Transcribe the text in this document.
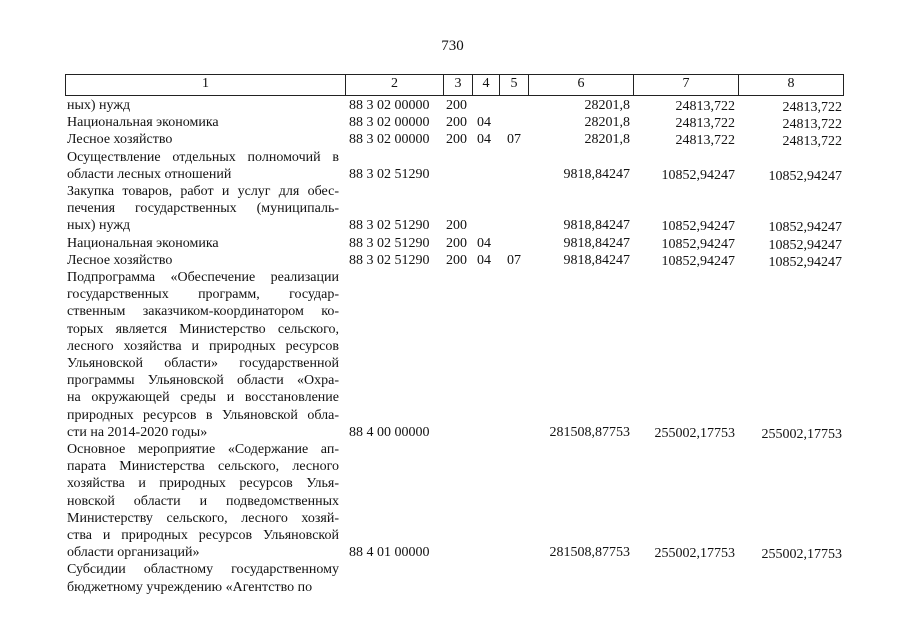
730
1	2	3	4	5	6	7	8
ных) нужд	88 3 02 00000 200	28201,8	24813,722	24813,722
Национальная экономика	88 3 02 00000 200 04	28201,8	24813,722	24813,722
Лесное хозяйство	88 3 02 00000 200 04 07	28201,8	24813,722	24813,722
Осуществление отдельных полномочий в
области лесных отношений	88 3 02 51290	9818,84247 10852,94247 10852,94247
Закупка товаров, работ и услуг для обес-
печения государственных (муниципаль-
ных) нужд	88 3 02 51290 200	9818,84247 10852,94247 10852,94247
Национальная экономика	88 3 02 51290 200 04	9818,84247 10852,94247 10852,94247
Лесное хозяйство	88 3 02 51290 200 04 07	9818,84247 10852,94247 10852,94247
Подпрограмма «Обеспечение реализации
государственных программ, государ-
ственным заказчиком-координатором ко-
торых является Министерство сельского,
лесного хозяйства и природных ресурсов
Ульяновской области» государственной
программы Ульяновской области «Охра-
на окружающей среды и восстановление
природных ресурсов в Ульяновской обла-
сти на 2014-2020 годы»	88 4 00 00000	281508,87753 255002,17753 255002,17753
Основное мероприятие «Содержание ап-
парата Министерства сельского, лесного
хозяйства и природных ресурсов Улья-
новской области и подведомственных
Министерству сельского, лесного хозяй-
ства и природных ресурсов Ульяновской
области организаций»	88 4 01 00000	281508,87753 255002,17753 255002,17753
Субсидии областному государственному
бюджетному учреждению «Агентство по
